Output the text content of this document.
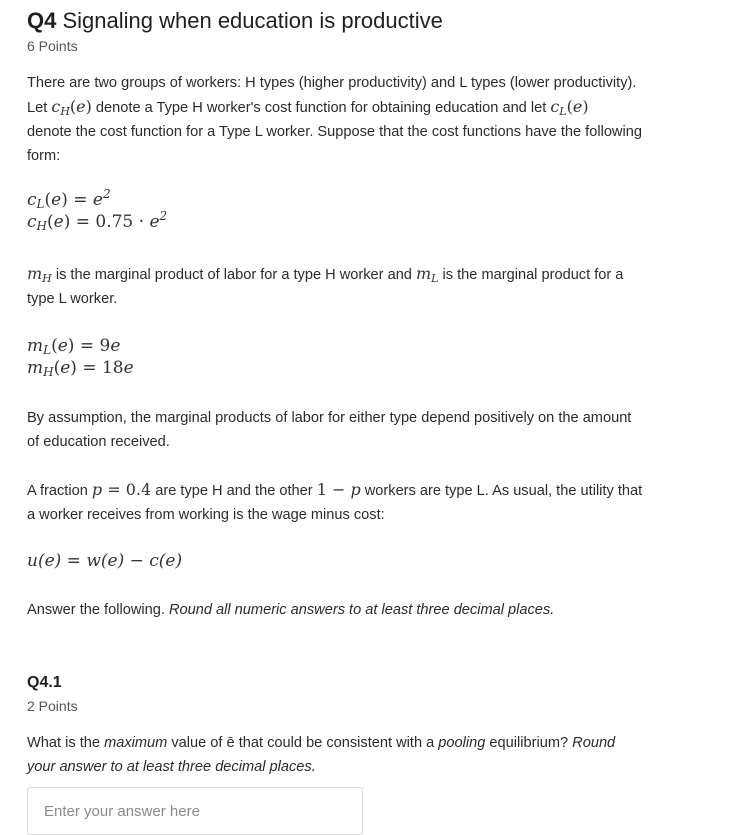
Q4 Signaling when education is productive
6 Points
There are two groups of workers: H types (higher productivity) and L types (lower productivity).
Let $c_H(e)$ denote a Type H worker's cost function for obtaining education and let $c_L(e)$
denote the cost function for a Type L worker. Suppose that the cost functions have the following
form:
$c_L(e) = e^2$
$c_H(e) = 0.75 \cdot e^2$
$m_H$ is the marginal product of labor for a type H worker and $m_L$ is the marginal product for a
type L worker.
$m_L(e) = 9e$
$m_H(e) = 18e$
By assumption, the marginal products of labor for either type depend positively on the amount
of education received.
A fraction p = 0.4 are type H and the other 1 − p workers are type L. As usual, the utility that
a worker receives from working is the wage minus cost:
u(e) = w(e) − c(e)
Answer the following. Round all numeric answers to at least three decimal places.
Q4.1
2 Points
What is the maximum value of ē that could be consistent with a pooling equilibrium? Round
your answer to at least three decimal places.
Enter your answer here
